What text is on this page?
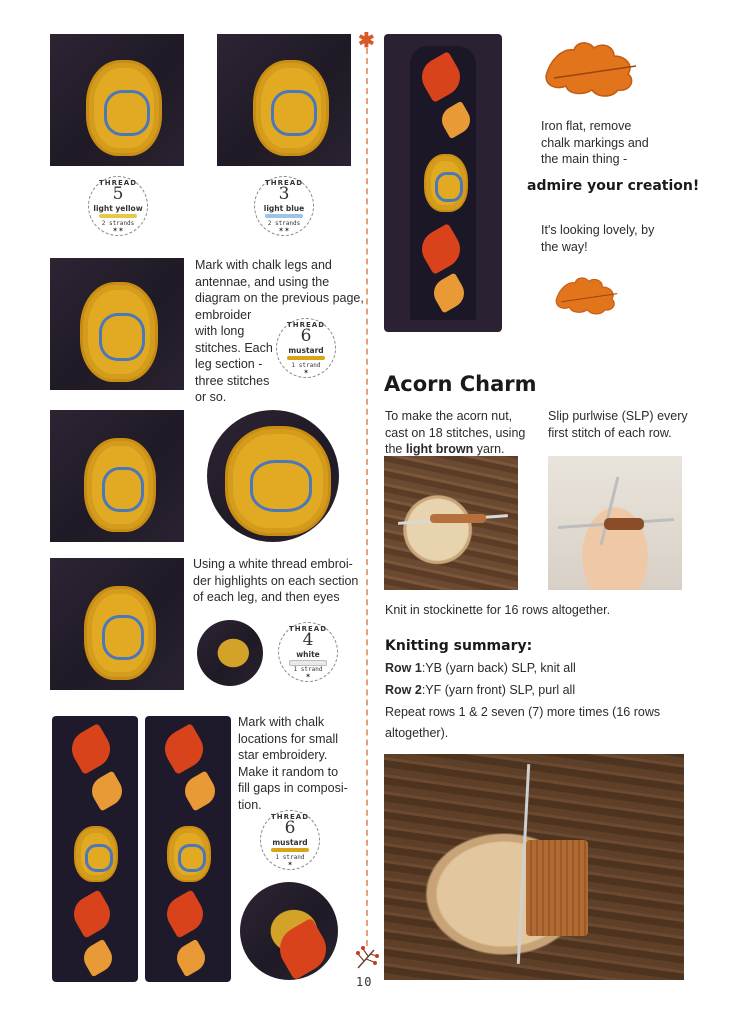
✱
THREAD
5
light yellow
2 strands
✶✶
THREAD
3
light blue
2 strands
✶✶
Mark with chalk legs and
antennae, and using the
diagram on the previous page,
embroider
with long
stitches. Each
leg section -
three stitches
or so.
THREAD
6
mustard
1 strand
✶
Using a white thread embroi-
der highlights on each section
of each leg, and then eyes
THREAD
4
white
1 strand
✶
Mark with chalk
locations for small
star embroidery.
Make it random to
fill gaps in composi-
tion.
THREAD
6
mustard
1 strand
✶
Iron flat, remove
chalk markings and
the main thing -
admire your creation!
It's looking lovely, by
the way!
Acorn Charm
To make the acorn nut,
cast on 18 stitches, using
the light brown yarn.
Slip purlwise (SLP) every
first stitch of each row.
Knit in stockinette for 16 rows altogether.
Knitting summary:
Row 1:YB (yarn back) SLP, knit all
Row 2:YF (yarn front) SLP, purl all
Repeat rows 1 & 2 seven (7) more times (16 rows
altogether).
10
